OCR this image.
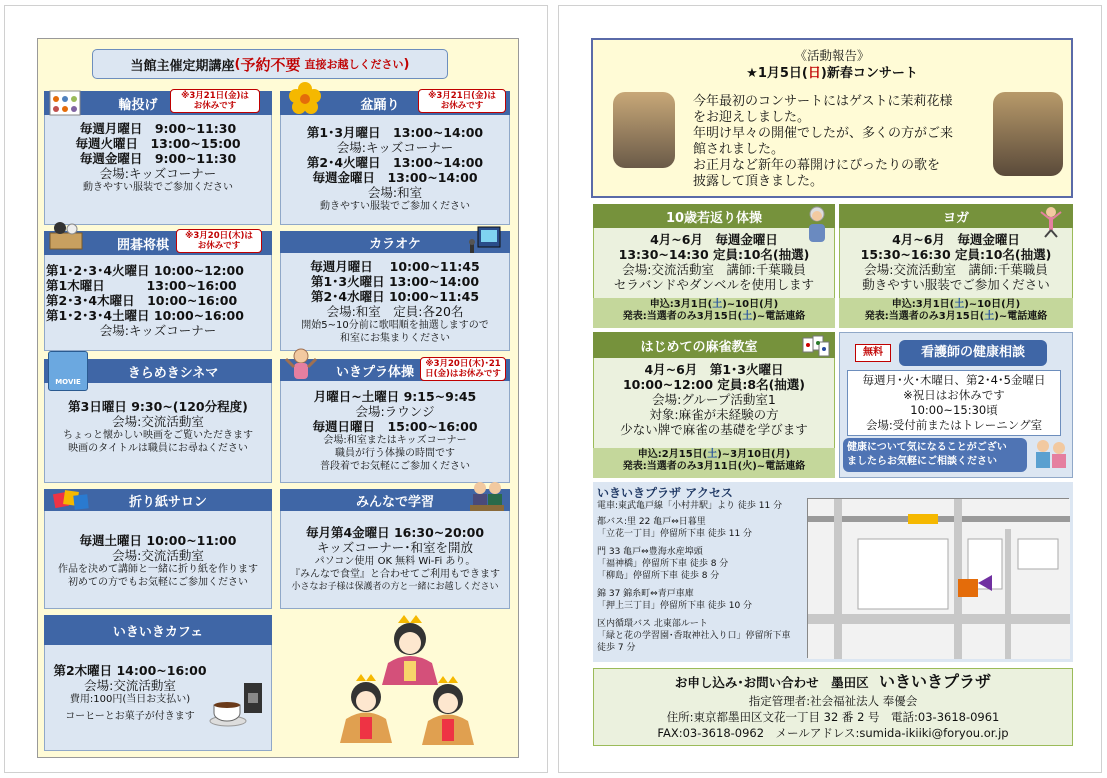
当館主催定期講座 ( 予約不要 直接お越しください )
輪投げ
※3月21日(金)は
お休みです
毎週月曜日　9:00~11:30
毎週火曜日　13:00~15:00
毎週金曜日　9:00~11:30
会場:キッズコーナー
動きやすい服装でご参加ください
盆踊り
※3月21日(金)は
お休みです
第1･3月曜日　13:00~14:00
会場:キッズコーナー
第2･4火曜日　13:00~14:00
毎週金曜日　13:00~14:00
会場:和室
動きやすい服装でご参加ください
囲碁将棋
※3月20日(木)は
お休みです
第1･2･3･4火曜日 10:00~12:00
第1木曜日　　　 13:00~16:00
第2･3･4木曜日　10:00~16:00
第1･2･3･4土曜日 10:00~16:00
会場:キッズコーナー
カラオケ
毎週月曜日　 10:00~11:45
第1･3火曜日 13:00~14:00
第2･4水曜日 10:00~11:45
会場:和室　定員:各20名
開始5~10分前に歌唱順を抽選しますので
和室にお集まりください
きらめきシネマ
MOVIE
第3日曜日 9:30~(120分程度)
会場:交流活動室
ちょっと懐かしい映画をご覧いただきます
映画のタイトルは職員にお尋ねください
いきプラ体操
※3月20日(木)･21
日(金)はお休みです
月曜日~土曜日 9:15~9:45
会場:ラウンジ
毎週日曜日　15:00~16:00
会場:和室またはキッズコーナー
職員が行う体操の時間です
普段着でお気軽にご参加ください
折り紙サロン
毎週土曜日 10:00~11:00
会場:交流活動室
作品を決めて講師と一緒に折り紙を作ります
初めての方でもお気軽にご参加ください
みんなで学習
毎月第4金曜日 16:30~20:00
キッズコーナー･和室を開放
パソコン使用 OK 無料 Wi-Fi あり。
『みんなで食堂』と合わせてご利用もできます
小さなお子様は保護者の方と一緒にお越しください
いきいきカフェ
第2木曜日 14:00~16:00
会場:交流活動室
費用:100円(当日お支払い)
コーヒーとお菓子が付きます
《活動報告》
★1月5日(日)新春コンサート
今年最初のコンサートにはゲストに茉莉花様
をお迎えしました。
年明け早々の開催でしたが、多くの方がご来
館されました。
お正月など新年の幕開けにぴったりの歌を
披露して頂きました。
10歳若返り体操
4月~6月　毎週金曜日
13:30~14:30 定員:10名(抽選)
会場:交流活動室　講師:千葉職員
セラバンドやダンベルを使用します
申込:3月1日(土)~10日(月)
発表:当選者のみ3月15日(土)~電話連絡
ヨガ
4月~6月　毎週金曜日
15:30~16:30 定員:10名(抽選)
会場:交流活動室　講師:千葉職員
動きやすい服装でご参加ください
申込:3月1日(土)~10日(月)
発表:当選者のみ3月15日(土)~電話連絡
はじめての麻雀教室
4月~6月　第1･3火曜日
10:00~12:00 定員:8名(抽選)
会場:グループ活動室1
対象:麻雀が未経験の方
少ない牌で麻雀の基礎を学びます
申込:2月15日(土)~3月10日(月)
発表:当選者のみ3月11日(火)~電話連絡
無料	看護師の健康相談
毎週月･火･木曜日、第2･4･5金曜日
※祝日はお休みです
10:00~15:30頃
会場:受付前またはトレーニング室
健康について気になることがござい
ましたらお気軽にご相談ください
いきいきプラザ アクセス
電車:東武亀戸線「小村井駅」より 徒歩 11 分
都バス:里 22 亀戸⇔日暮里
「立花一丁目」停留所下車 徒歩 11 分
門 33 亀戸⇔豊海水産埠頭
「福神橋」停留所下車 徒歩 8 分
「柳島」停留所下車 徒歩 8 分
錦 37 錦糸町⇔青戸車庫
「押上三丁目」停留所下車 徒歩 10 分
区内循環バス 北東部ルート
「緑と花の学習園･香取神社入り口」停留所下車
徒歩 7 分
お申し込み･お問い合わせ　墨田区 いきいきプラザ
指定管理者:社会福祉法人 奉優会
住所:東京都墨田区文花一丁目 32 番 2 号　電話:03-3618-0961
FAX:03-3618-0962　メールアドレス:sumida-ikiiki@foryou.or.jp
